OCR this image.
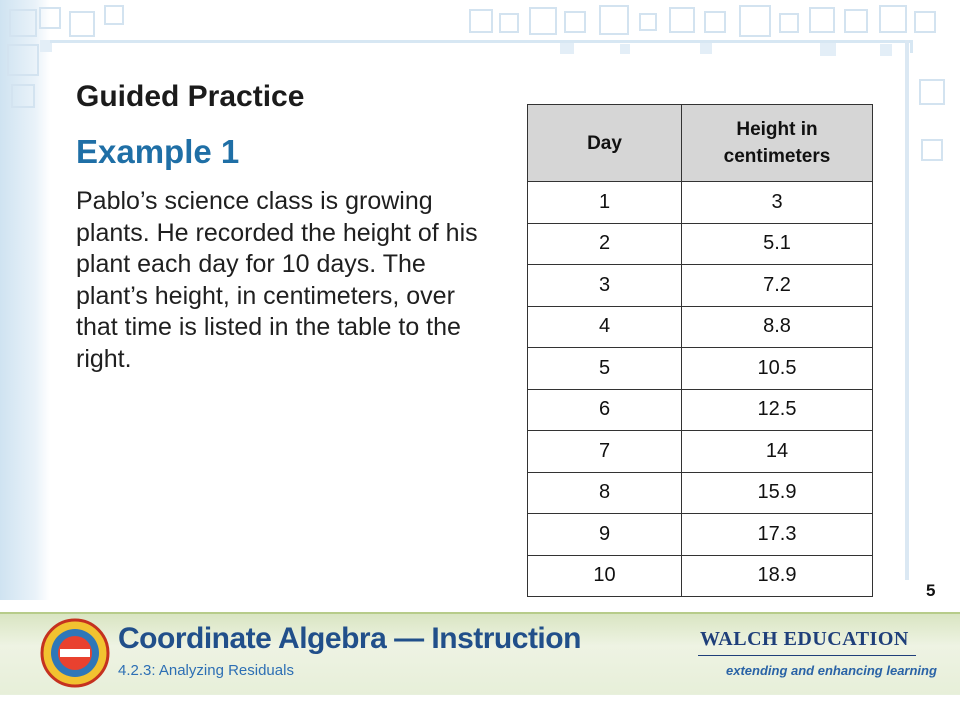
Guided Practice
Example 1

Pablo’s science class is growing plants. He recorded the height of his plant each day for 10 days. The plant’s height, in centimeters, over that time is listed in the table to the right.

Day	Height in centimeters
1	3
2	5.1
3	7.2
4	8.8
5	10.5
6	12.5
7	14
8	15.9
9	17.3
10	18.9
5
Coordinate Algebra — Instruction
4.2.3: Analyzing Residuals
WALCH EDUCATION
extending and enhancing learning
